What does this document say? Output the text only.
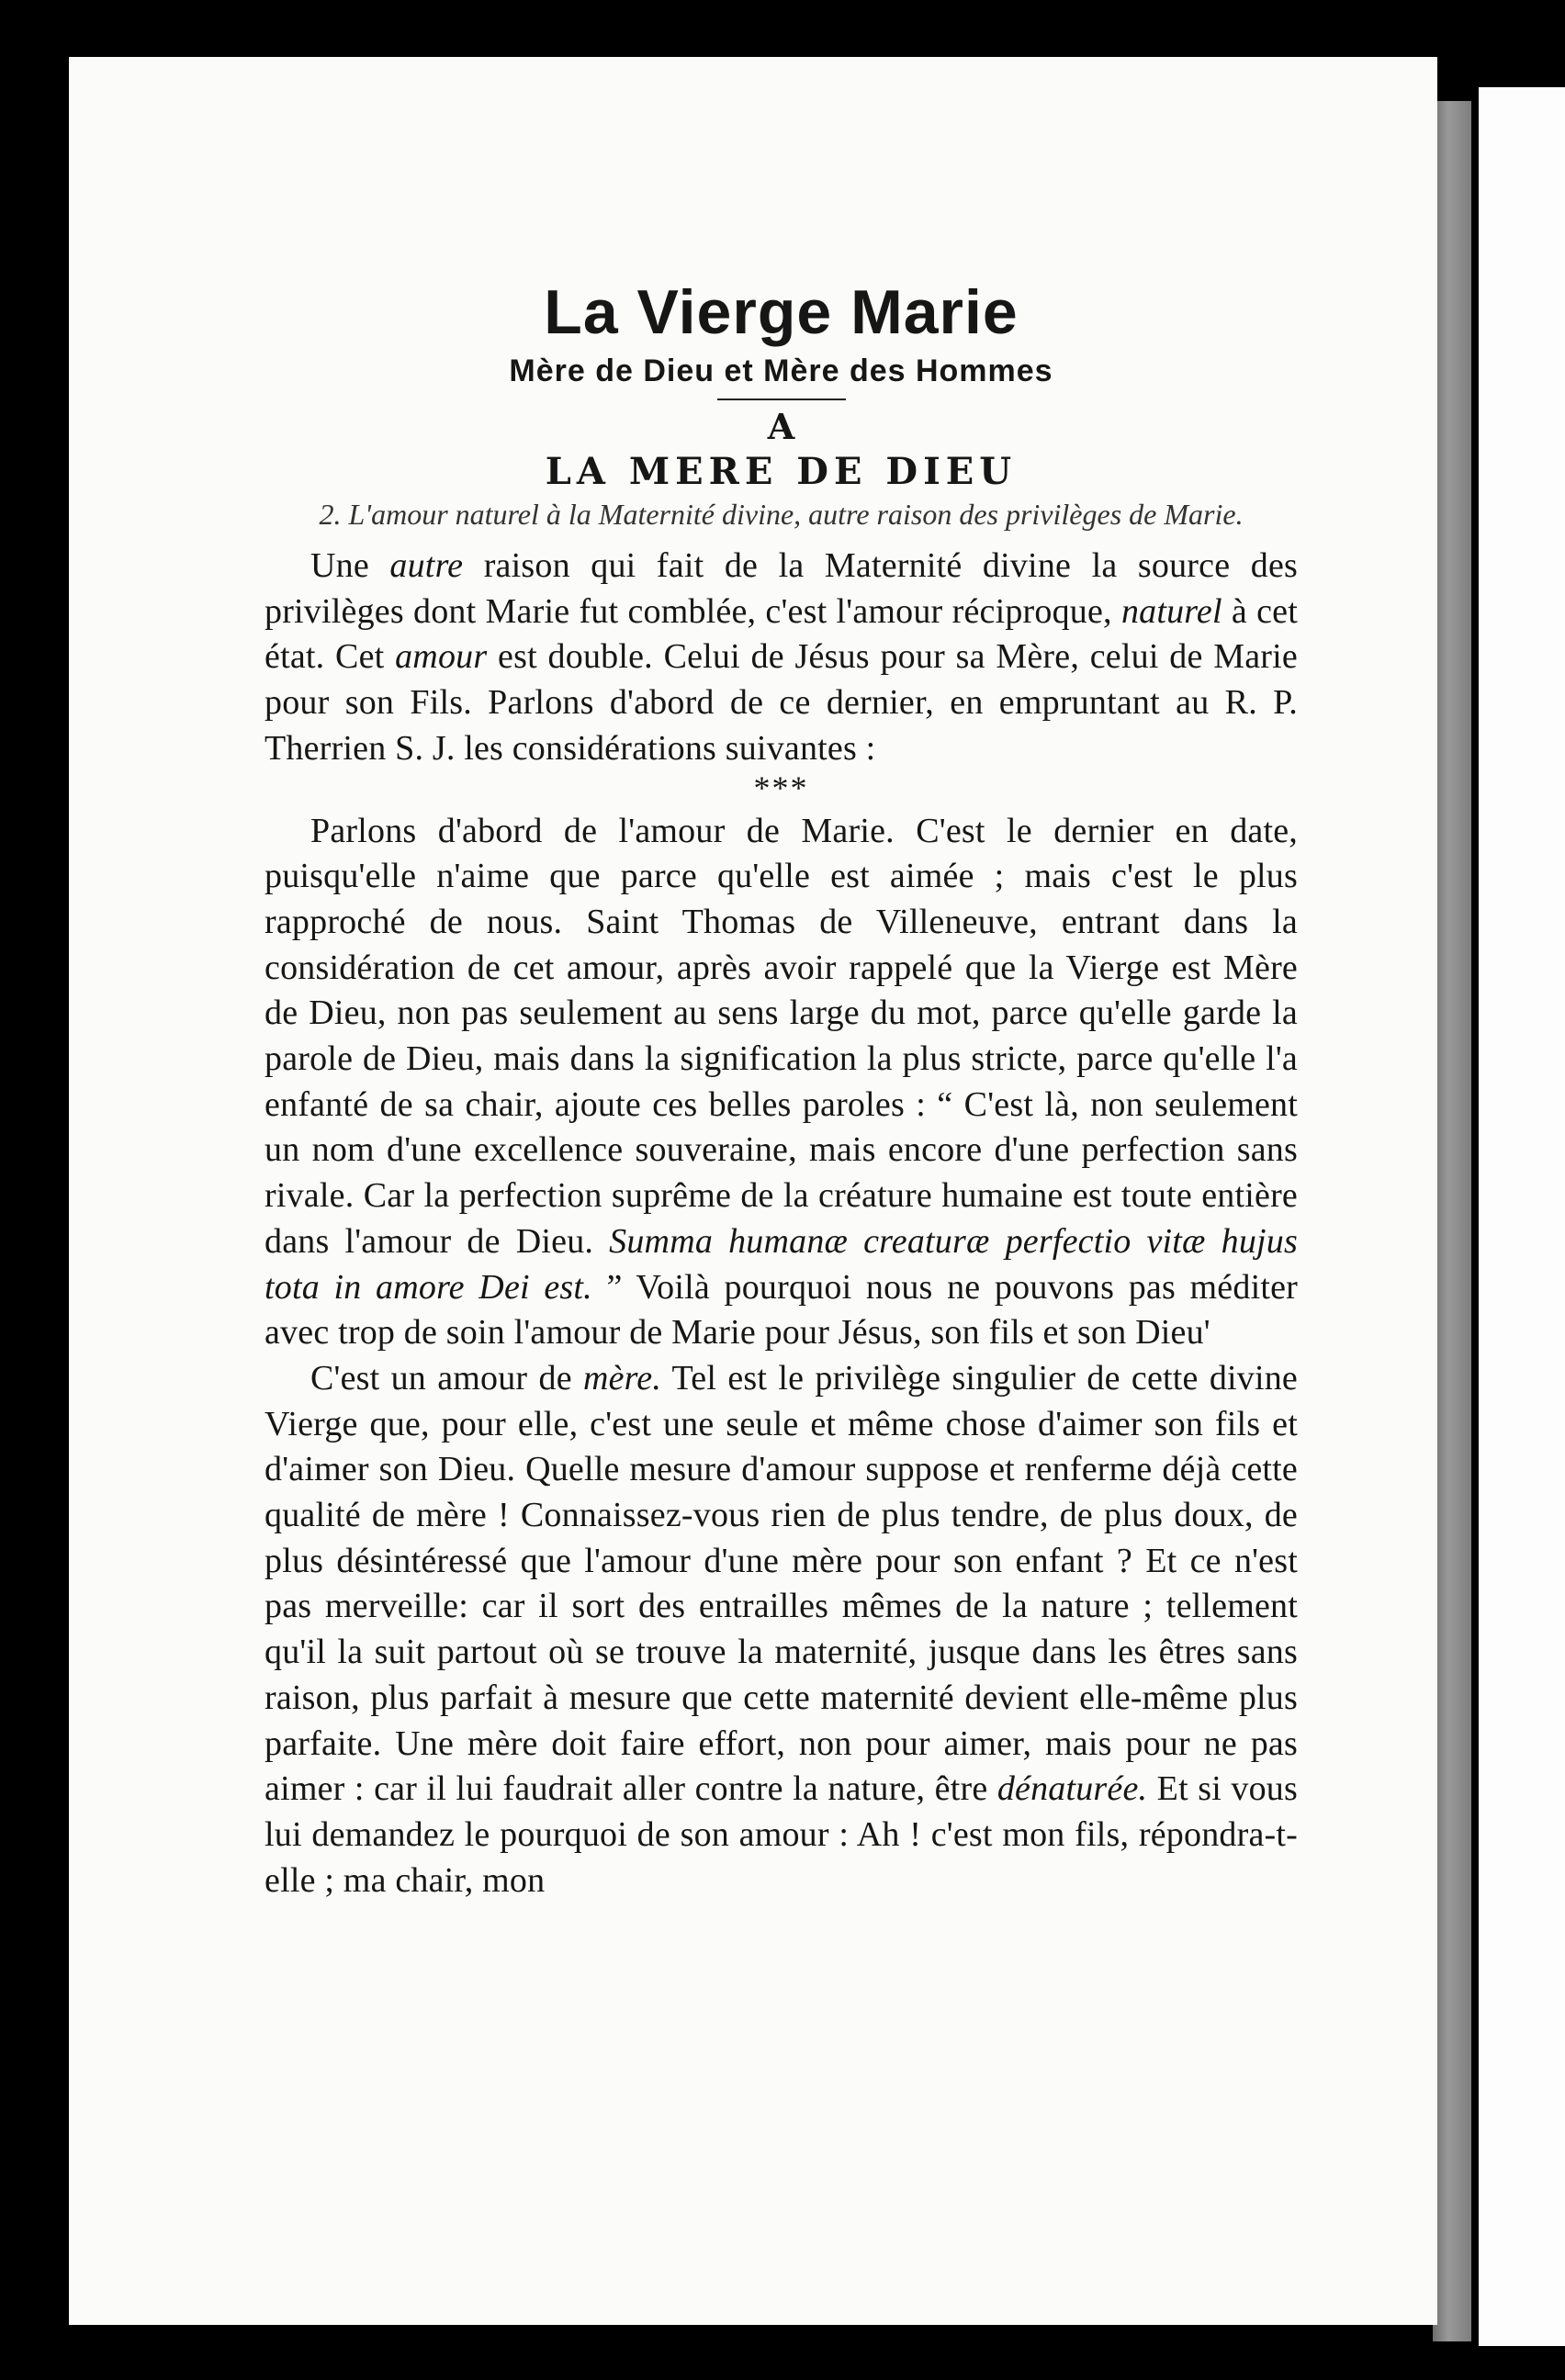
La Vierge Marie

Mère de Dieu et Mère des Hommes

A

LA MERE DE DIEU

2. L'amour naturel à la Maternité divine, autre raison des privilèges de Marie.

Une autre raison qui fait de la Maternité divine la source des privilèges dont Marie fut comblée, c'est l'amour réciproque, naturel à cet état. Cet amour est double. Celui de Jésus pour sa Mère, celui de Marie pour son Fils. Parlons d'abord de ce dernier, en empruntant au R. P. Therrien S. J. les considérations suivantes :

***

Parlons d'abord de l'amour de Marie. C'est le dernier en date, puisqu'elle n'aime que parce qu'elle est aimée ; mais c'est le plus rapproché de nous. Saint Thomas de Villeneuve, entrant dans la considération de cet amour, après avoir rappelé que la Vierge est Mère de Dieu, non pas seulement au sens large du mot, parce qu'elle garde la parole de Dieu, mais dans la signification la plus stricte, parce qu'elle l'a enfanté de sa chair, ajoute ces belles paroles : “ C'est là, non seulement un nom d'une excellence souveraine, mais encore d'une perfection sans rivale. Car la perfection suprême de la créature humaine est toute entière dans l'amour de Dieu. Summa humanæ creaturæ perfectio vitæ hujus tota in amore Dei est. ” Voilà pourquoi nous ne pouvons pas méditer avec trop de soin l'amour de Marie pour Jésus, son fils et son Dieu'

C'est un amour de mère. Tel est le privilège singulier de cette divine Vierge que, pour elle, c'est une seule et même chose d'aimer son fils et d'aimer son Dieu. Quelle mesure d'amour suppose et renferme déjà cette qualité de mère ! Connaissez-vous rien de plus tendre, de plus doux, de plus désintéressé que l'amour d'une mère pour son enfant ? Et ce n'est pas merveille: car il sort des entrailles mêmes de la nature ; tellement qu'il la suit partout où se trouve la maternité, jusque dans les êtres sans raison, plus parfait à mesure que cette maternité devient elle-même plus parfaite. Une mère doit faire effort, non pour aimer, mais pour ne pas aimer : car il lui faudrait aller contre la nature, être dénaturée. Et si vous lui demandez le pourquoi de son amour : Ah ! c'est mon fils, répondra-t-elle ; ma chair, mon
